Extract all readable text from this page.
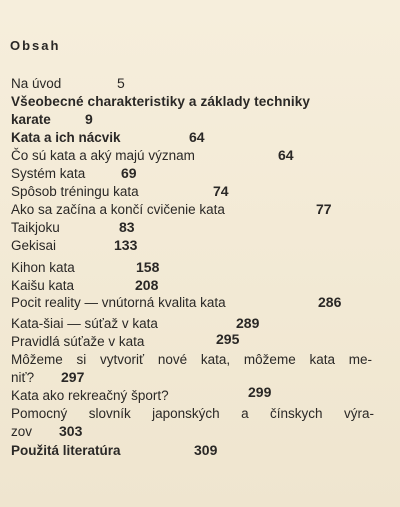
Obsah
Na úvod	5
Všeobecné charakteristiky a základy techniky
karate 9
Kata a ich nácvik	64
Čo sú kata a aký majú význam	64
Systém kata	69
Spôsob tréningu kata	74
Ako sa začína a končí cvičenie kata	77
Taikjoku	83
Gekisai	133
Kihon kata	158
Kaišu kata	208
Pocit reality — vnútorná kvalita kata	286
Kata-šiai — súťaž v kata	289
Pravidlá súťaže v kata	295
Môžeme si vytvoriť nové kata, môžeme kata me-
niť? 297
Kata ako rekreačný šport?	299
Pomocný slovník japonských a čínskych výra-
zov 303
Použitá literatúra	309
